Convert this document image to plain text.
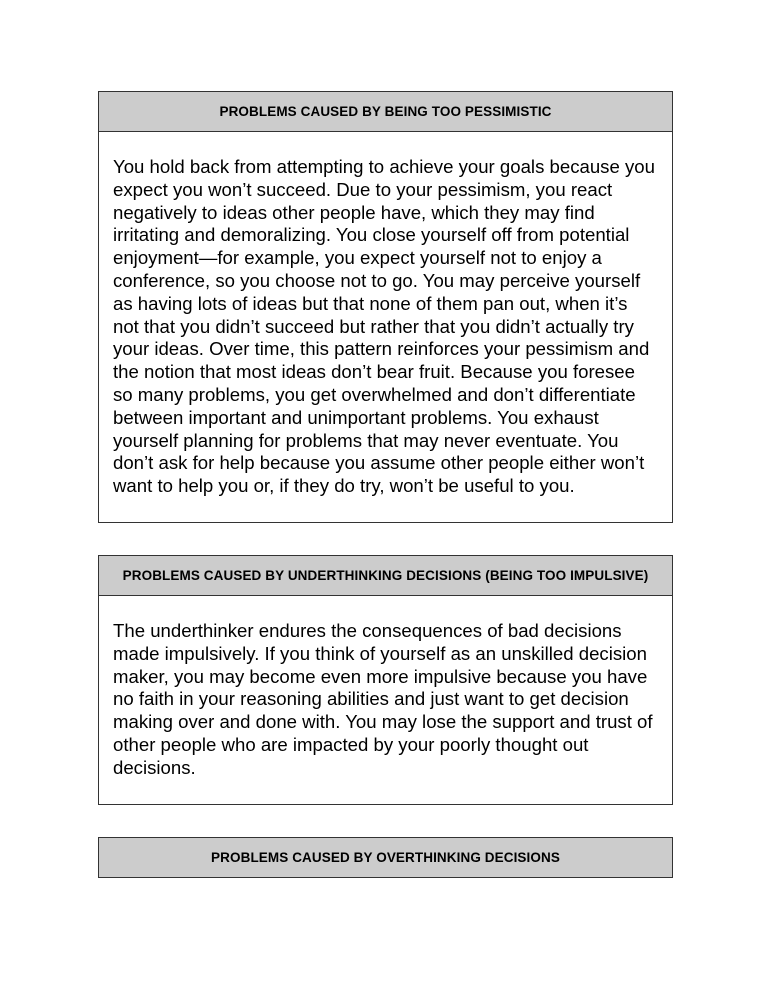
PROBLEMS CAUSED BY BEING TOO PESSIMISTIC
You hold back from attempting to achieve your goals because you expect you won’t succeed. Due to your pessimism, you react negatively to ideas other people have, which they may find irritating and demoralizing. You close yourself off from potential enjoyment—for example, you expect yourself not to enjoy a conference, so you choose not to go. You may perceive yourself as having lots of ideas but that none of them pan out, when it’s not that you didn’t succeed but rather that you didn’t actually try your ideas. Over time, this pattern reinforces your pessimism and the notion that most ideas don’t bear fruit. Because you foresee so many problems, you get overwhelmed and don’t differentiate between important and unimportant problems. You exhaust yourself planning for problems that may never eventuate. You don’t ask for help because you assume other people either won’t want to help you or, if they do try, won’t be useful to you.
PROBLEMS CAUSED BY UNDERTHINKING DECISIONS (BEING TOO IMPULSIVE)
The underthinker endures the consequences of bad decisions made impulsively. If you think of yourself as an unskilled decision maker, you may become even more impulsive because you have no faith in your reasoning abilities and just want to get decision making over and done with. You may lose the support and trust of other people who are impacted by your poorly thought out decisions.
PROBLEMS CAUSED BY OVERTHINKING DECISIONS
